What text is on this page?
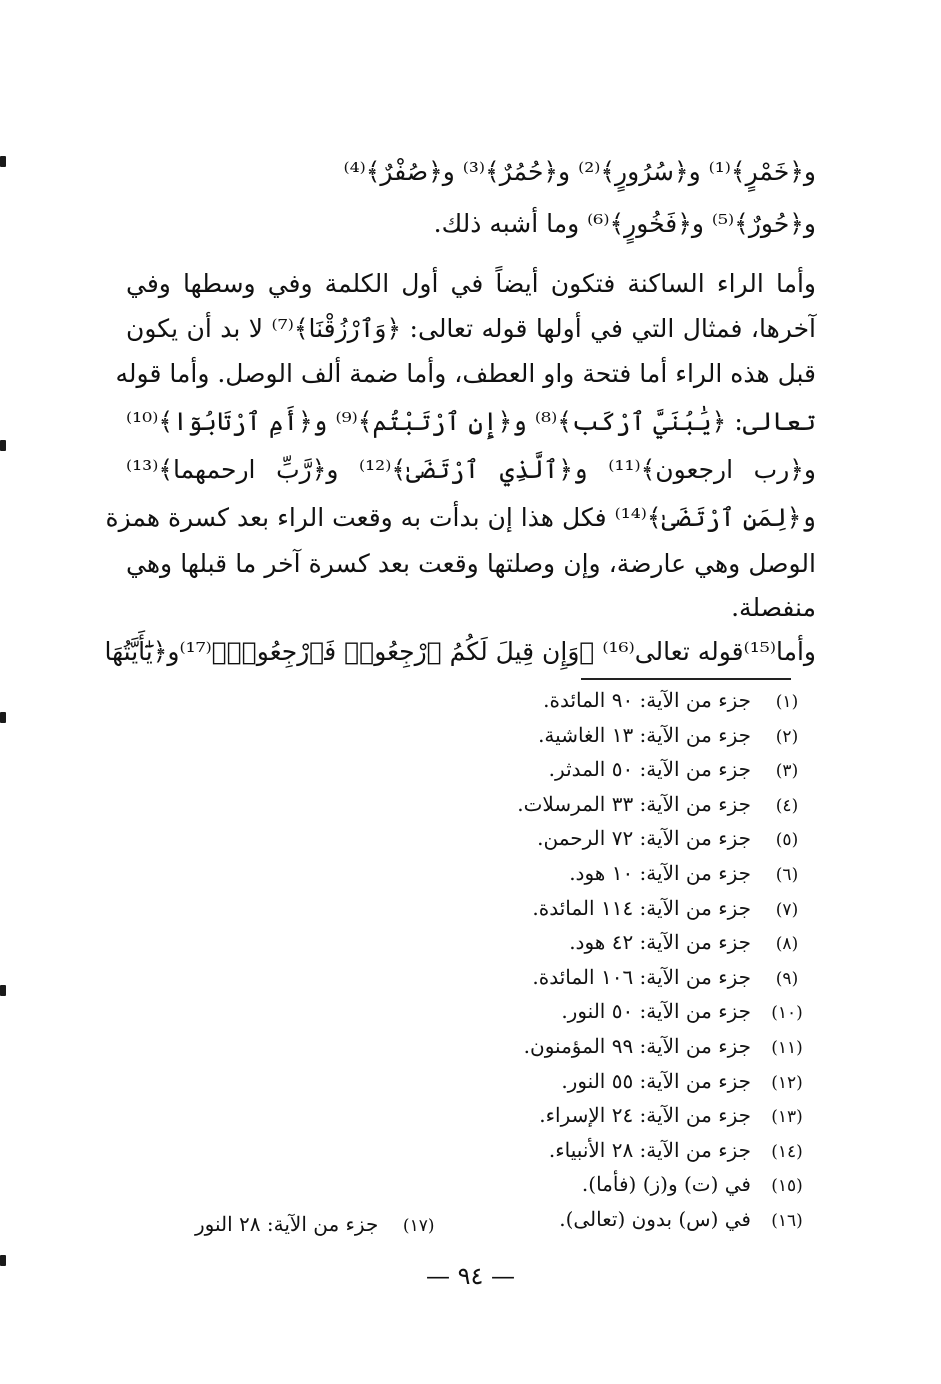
و﴿خَمْرٍ﴾⁽¹⁾ و﴿سُرُورٍ﴾⁽²⁾ و﴿حُمُرٌ﴾⁽³⁾ و﴿صُفْرٌ﴾⁽⁴⁾
و﴿حُورٌ﴾⁽⁵⁾ و﴿فَخُورٍ﴾⁽⁶⁾ وما أشبه ذلك.
وأما الراء الساكنة فتكون أيضاً في أول الكلمة وفي وسطها وفي
آخرها، فمثال التي في أولها قوله تعالى: ﴿وَٱرْزُقْنَا﴾⁽⁷⁾ لا بد أن يكون
قبل هذه الراء أما فتحة واو العطف، وأما ضمة ألف الوصل. وأما قوله
تعالى: ﴿يَٰبُنَيَّ ٱرْكَب﴾⁽⁸⁾ و﴿إِنِ ٱرْتَبْتُم﴾⁽⁹⁾ و﴿أَمِ ٱرْتَابُوٓا﴾⁽¹⁰⁾
و﴿رب ارجعون﴾⁽¹¹⁾ و﴿ٱلَّذِي ٱرْتَضَىٰ﴾⁽¹²⁾ و﴿رَّبِّ ارحمهما﴾⁽¹³⁾
و﴿لِمَنِ ٱرْتَضَىٰ﴾⁽¹⁴⁾ فكل هذا إن بدأت به وقعت الراء بعد كسرة همزة
الوصل وهي عارضة، وإن وصلتها وقعت بعد كسرة آخر ما قبلها وهي
منفصلة.
وأما⁽¹⁵⁾قوله تعالى⁽¹⁶⁾ ﴿وَإِن قِيلَ لَكُمُ ٱرْجِعُوا۟ فَٱرْجِعُوا۟﴾⁽¹⁷⁾و﴿يَٰٓأَيَّتُهَا
(١)
جزء من الآية: ٩٠ المائدة.
(٢)
جزء من الآية: ١٣ الغاشية.
(٣)
جزء من الآية: ٥٠ المدثر.
(٤)
جزء من الآية: ٣٣ المرسلات.
(٥)
جزء من الآية: ٧٢ الرحمن.
(٦)
جزء من الآية: ١٠ هود.
(٧)
جزء من الآية: ١١٤ المائدة.
(٨)
جزء من الآية: ٤٢ هود.
(٩)
جزء من الآية: ١٠٦ المائدة.
(١٠)
جزء من الآية: ٥٠ النور.
(١١)
جزء من الآية: ٩٩ المؤمنون.
(١٢)
جزء من الآية: ٥٥ النور.
(١٣)
جزء من الآية: ٢٤ الإسراء.
(١٤)
جزء من الآية: ٢٨ الأنبياء.
(١٥)
في (ت) و(ز) (فأما).
(١٦)
في (س) بدون (تعالى).
(١٧) جزء من الآية: ٢٨ النور
— ٩٤ —
